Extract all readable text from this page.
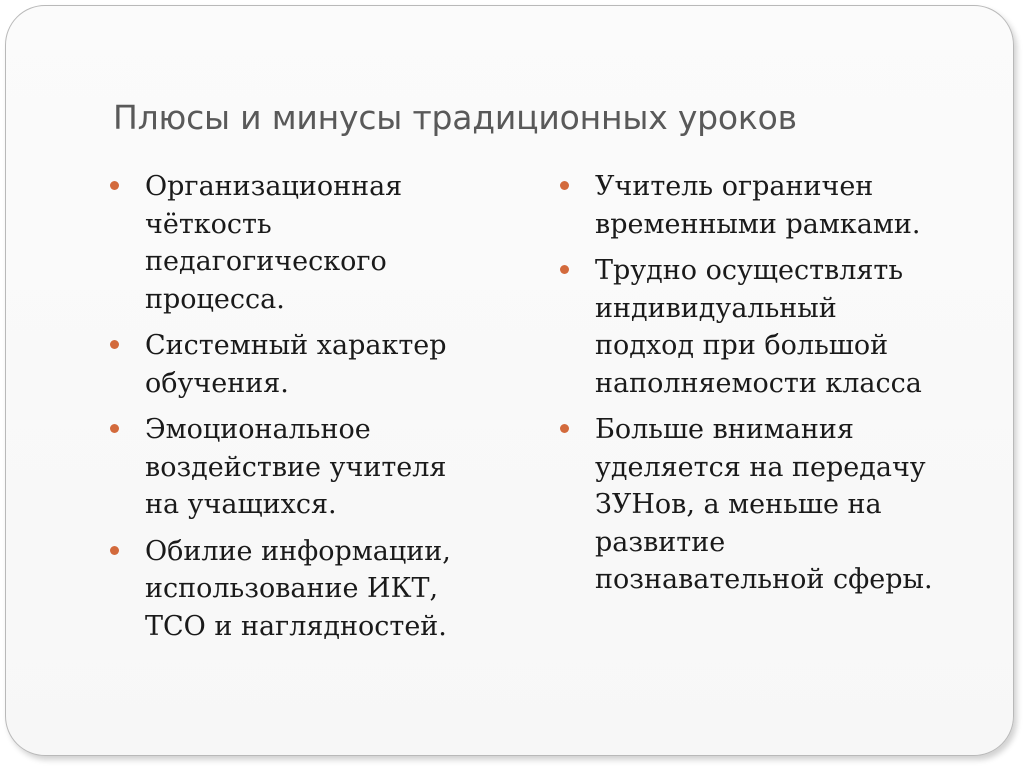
Плюсы и минусы традиционных уроков
Организационная
чёткость
педагогического
процесса.
Системный характер
обучения.
Эмоциональное
воздействие учителя
на учащихся.
Обилие информации,
использование ИКТ,
ТСО и наглядностей.
Учитель ограничен
временными рамками.
Трудно осуществлять
индивидуальный
подход при большой
наполняемости класса
Больше внимания
уделяется на передачу
ЗУНов, а меньше на
развитие
познавательной сферы.
